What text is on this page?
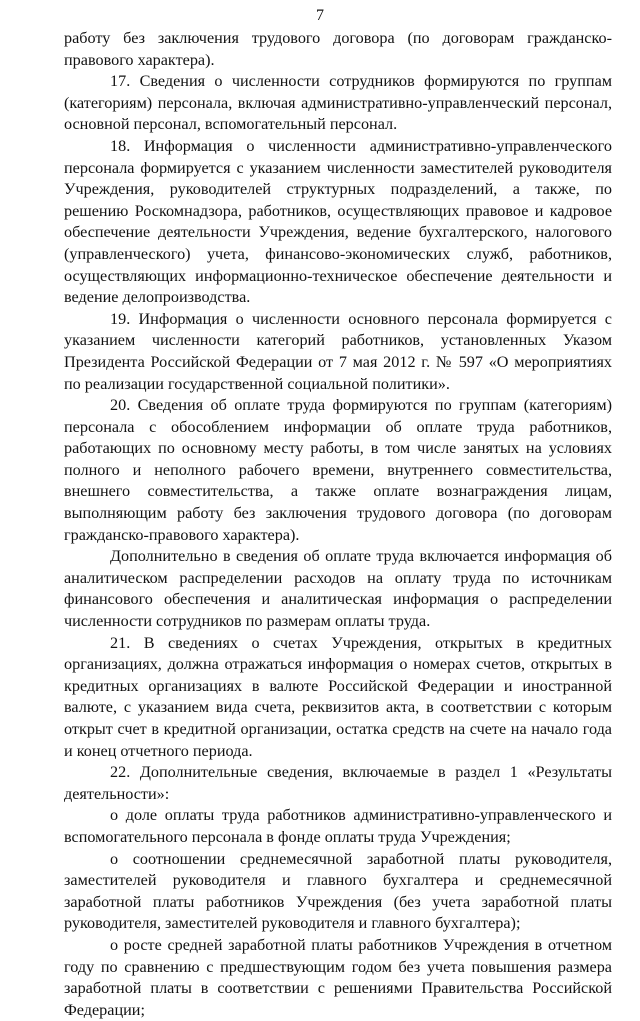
7

работу без заключения трудового договора (по договорам гражданско-правового характера).

17. Сведения о численности сотрудников формируются по группам (категориям) персонала, включая административно-управленческий персонал, основной персонал, вспомогательный персонал.

18. Информация о численности административно-управленческого персонала формируется с указанием численности заместителей руководителя Учреждения, руководителей структурных подразделений, а также, по решению Роскомнадзора, работников, осуществляющих правовое и кадровое обеспечение деятельности Учреждения, ведение бухгалтерского, налогового (управленческого) учета, финансово-экономических служб, работников, осуществляющих информационно-техническое обеспечение деятельности и ведение делопроизводства.

19. Информация о численности основного персонала формируется с указанием численности категорий работников, установленных Указом Президента Российской Федерации от 7 мая 2012 г. № 597 «О мероприятиях по реализации государственной социальной политики».

20. Сведения об оплате труда формируются по группам (категориям) персонала с обособлением информации об оплате труда работников, работающих по основному месту работы, в том числе занятых на условиях полного и неполного рабочего времени, внутреннего совместительства, внешнего совместительства, а также оплате вознаграждения лицам, выполняющим работу без заключения трудового договора (по договорам гражданско-правового характера).

Дополнительно в сведения об оплате труда включается информация об аналитическом распределении расходов на оплату труда по источникам финансового обеспечения и аналитическая информация о распределении численности сотрудников по размерам оплаты труда.

21. В сведениях о счетах Учреждения, открытых в кредитных организациях, должна отражаться информация о номерах счетов, открытых в кредитных организациях в валюте Российской Федерации и иностранной валюте, с указанием вида счета, реквизитов акта, в соответствии с которым открыт счет в кредитной организации, остатка средств на счете на начало года и конец отчетного периода.

22. Дополнительные сведения, включаемые в раздел 1 «Результаты деятельности»:

о доле оплаты труда работников административно-управленческого и вспомогательного персонала в фонде оплаты труда Учреждения;

о соотношении среднемесячной заработной платы руководителя, заместителей руководителя и главного бухгалтера и среднемесячной заработной платы работников Учреждения (без учета заработной платы руководителя, заместителей руководителя и главного бухгалтера);

о росте средней заработной платы работников Учреждения в отчетном году по сравнению с предшествующим годом без учета повышения размера заработной платы в соответствии с решениями Правительства Российской Федерации;
